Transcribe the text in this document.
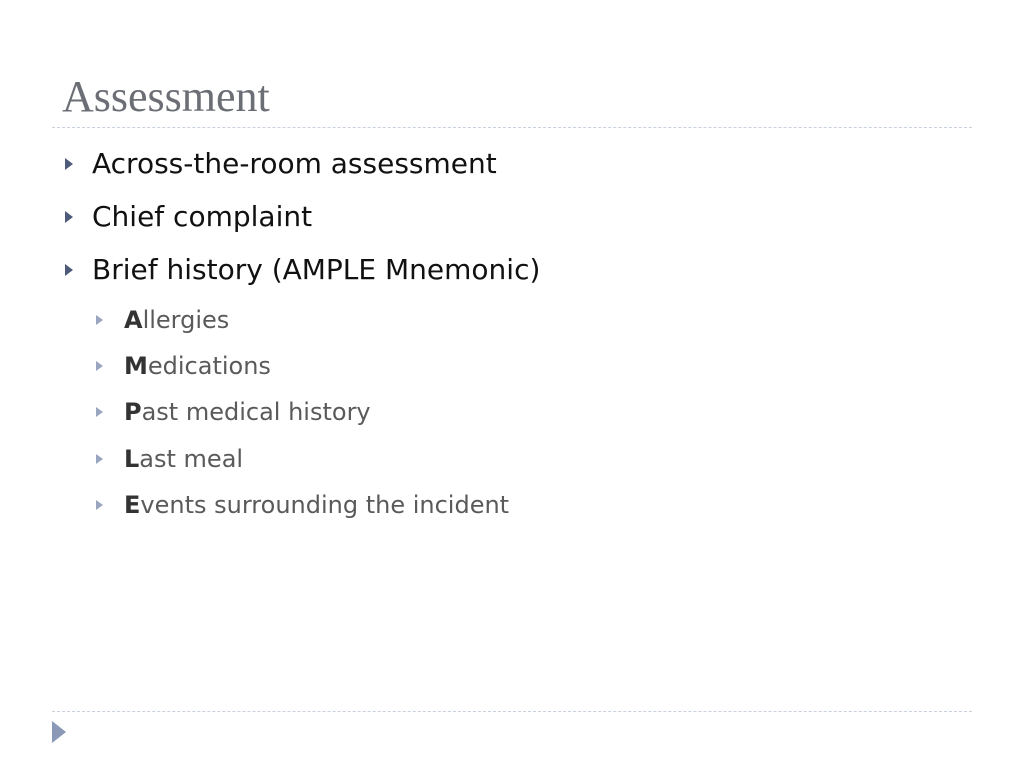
Assessment
Across-the-room assessment
Chief complaint
Brief history (AMPLE Mnemonic)
Allergies
Medications
Past medical history
Last meal
Events surrounding the incident
